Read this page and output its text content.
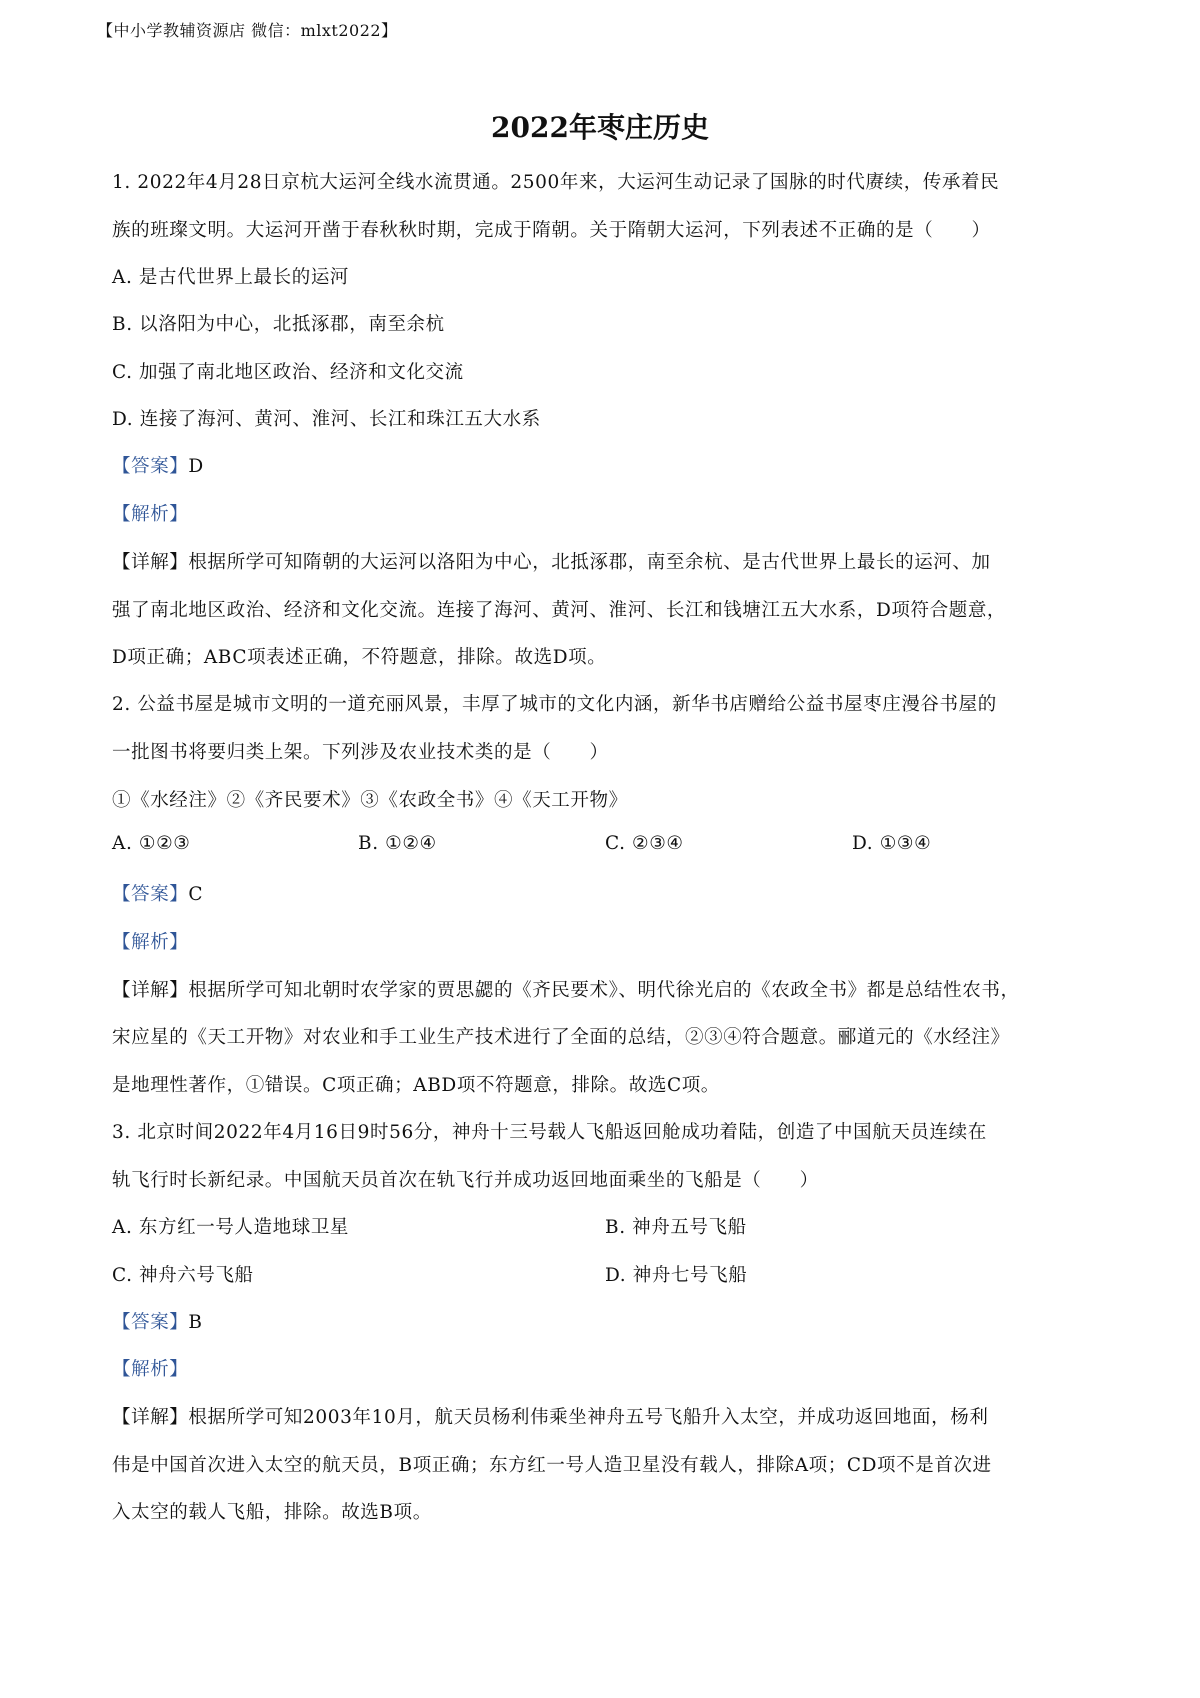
【中小学教辅资源店 微信：mlxt2022】
2022年枣庄历史
1. 2022年4月28日京杭大运河全线水流贯通。2500年来，大运河生动记录了国脉的时代赓续，传承着民
族的班璨文明。大运河开凿于春秋秋时期，完成于隋朝。关于隋朝大运河，下列表述不正确的是（　　）
A. 是古代世界上最长的运河
B. 以洛阳为中心，北抵涿郡，南至余杭
C. 加强了南北地区政治、经济和文化交流
D. 连接了海河、黄河、淮河、长江和珠江五大水系
【答案】D
【解析】
【详解】根据所学可知隋朝的大运河以洛阳为中心，北抵涿郡，南至余杭、是古代世界上最长的运河、加
强了南北地区政治、经济和文化交流。连接了海河、黄河、淮河、长江和钱塘江五大水系，D项符合题意，
D项正确；ABC项表述正确，不符题意，排除。故选D项。
2. 公益书屋是城市文明的一道充丽风景，丰厚了城市的文化内涵，新华书店赠给公益书屋枣庄漫谷书屋的
一批图书将要归类上架。下列涉及农业技术类的是（　　）
①《水经注》②《齐民要术》③《农政全书》④《天工开物》
A. ①②③	B. ①②④	C. ②③④	D. ①③④
【答案】C
【解析】
【详解】根据所学可知北朝时农学家的贾思勰的《齐民要术》、明代徐光启的《农政全书》都是总结性农书，
宋应星的《天工开物》对农业和手工业生产技术进行了全面的总结，②③④符合题意。郦道元的《水经注》
是地理性著作，①错误。C项正确；ABD项不符题意，排除。故选C项。
3. 北京时间2022年4月16日9时56分，神舟十三号载人飞船返回舱成功着陆，创造了中国航天员连续在
轨飞行时长新纪录。中国航天员首次在轨飞行并成功返回地面乘坐的飞船是（　　）
A. 东方红一号人造地球卫星	B. 神舟五号飞船
C. 神舟六号飞船	D. 神舟七号飞船
【答案】B
【解析】
【详解】根据所学可知2003年10月，航天员杨利伟乘坐神舟五号飞船升入太空，并成功返回地面，杨利
伟是中国首次进入太空的航天员，B项正确；东方红一号人造卫星没有载人，排除A项；CD项不是首次进
入太空的载人飞船，排除。故选B项。
